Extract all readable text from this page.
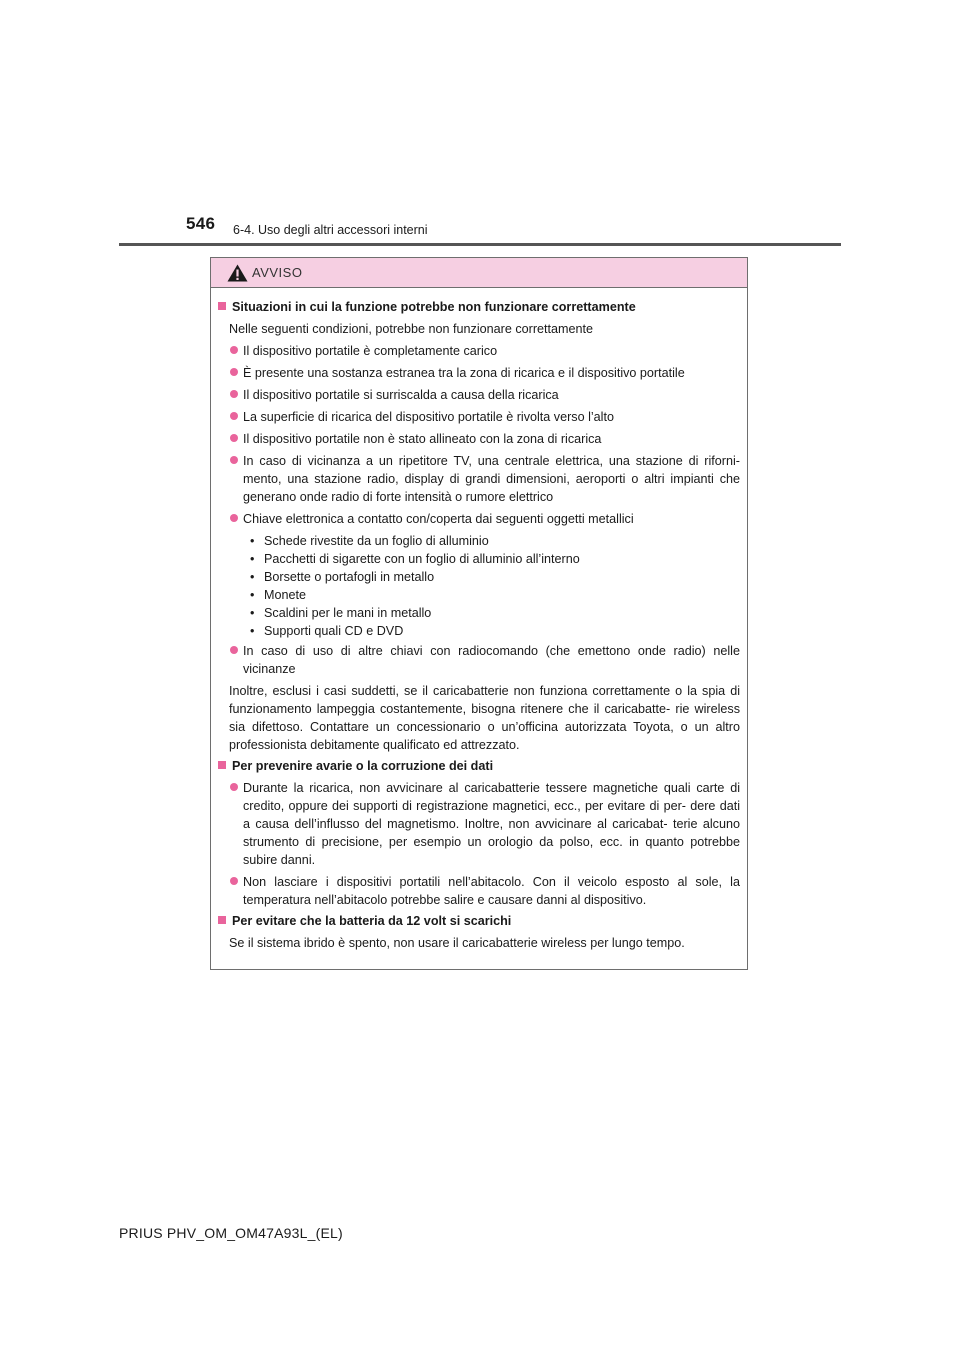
546 6-4. Uso degli altri accessori interni
AVVISO
Situazioni in cui la funzione potrebbe non funzionare correttamente
Nelle seguenti condizioni, potrebbe non funzionare correttamente
Il dispositivo portatile è completamente carico
È presente una sostanza estranea tra la zona di ricarica e il dispositivo portatile
Il dispositivo portatile si surriscalda a causa della ricarica
La superficie di ricarica del dispositivo portatile è rivolta verso l’alto
Il dispositivo portatile non è stato allineato con la zona di ricarica
In caso di vicinanza a un ripetitore TV, una centrale elettrica, una stazione di riforni- mento, una stazione radio, display di grandi dimensioni, aeroporti o altri impianti che generano onde radio di forte intensità o rumore elettrico
Chiave elettronica a contatto con/coperta dai seguenti oggetti metallici
• Schede rivestite da un foglio di alluminio
• Pacchetti di sigarette con un foglio di alluminio all’interno
• Borsette o portafogli in metallo
• Monete
• Scaldini per le mani in metallo
• Supporti quali CD e DVD
In caso di uso di altre chiavi con radiocomando (che emettono onde radio) nelle vicinanze
Inoltre, esclusi i casi suddetti, se il caricabatterie non funziona correttamente o la spia di funzionamento lampeggia costantemente, bisogna ritenere che il caricabatte- rie wireless sia difettoso. Contattare un concessionario o un’officina autorizzata Toyota, o un altro professionista debitamente qualificato ed attrezzato.
Per prevenire avarie o la corruzione dei dati
Durante la ricarica, non avvicinare al caricabatterie tessere magnetiche quali carte di credito, oppure dei supporti di registrazione magnetici, ecc., per evitare di per- dere dati a causa dell’influsso del magnetismo. Inoltre, non avvicinare al caricabat- terie alcuno strumento di precisione, per esempio un orologio da polso, ecc. in quanto potrebbe subire danni.
Non lasciare i dispositivi portatili nell’abitacolo. Con il veicolo esposto al sole, la temperatura nell’abitacolo potrebbe salire e causare danni al dispositivo.
Per evitare che la batteria da 12 volt si scarichi
Se il sistema ibrido è spento, non usare il caricabatterie wireless per lungo tempo.
PRIUS PHV_OM_OM47A93L_(EL)
